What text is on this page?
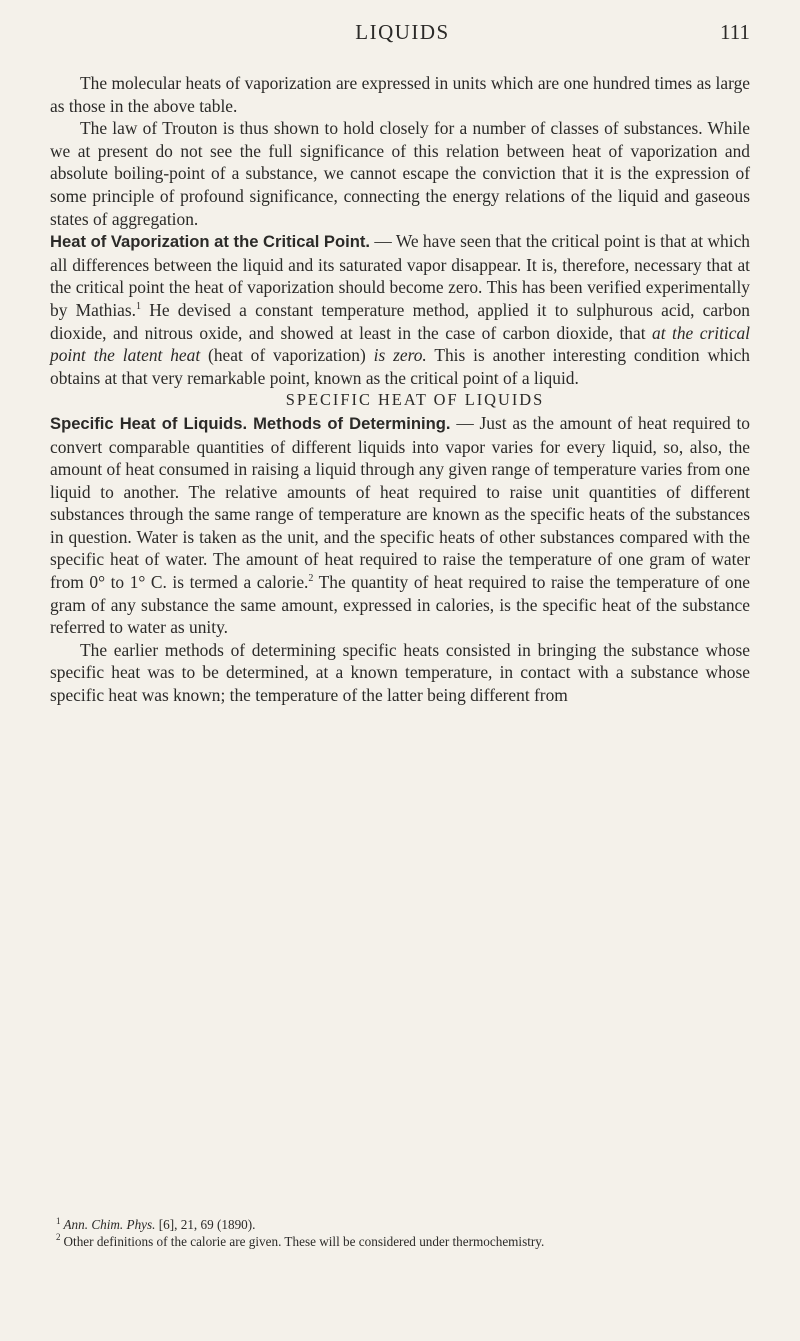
LIQUIDS	111

The molecular heats of vaporization are expressed in units which are one hundred times as large as those in the above table.

The law of Trouton is thus shown to hold closely for a number of classes of substances. While we at present do not see the full significance of this relation between heat of vaporization and absolute boiling-point of a substance, we cannot escape the conviction that it is the expression of some principle of profound significance, connecting the energy relations of the liquid and gaseous states of aggregation.

Heat of Vaporization at the Critical Point. — We have seen that the critical point is that at which all differences between the liquid and its saturated vapor disappear. It is, therefore, necessary that at the critical point the heat of vaporization should become zero. This has been verified experimentally by Mathias.$^1$ He devised a constant temperature method, applied it to sulphurous acid, carbon dioxide, and nitrous oxide, and showed at least in the case of carbon dioxide, that at the critical point the latent heat (heat of vaporization) is zero. This is another interesting condition which obtains at that very remarkable point, known as the critical point of a liquid.

SPECIFIC HEAT OF LIQUIDS

Specific Heat of Liquids. Methods of Determining. — Just as the amount of heat required to convert comparable quantities of different liquids into vapor varies for every liquid, so, also, the amount of heat consumed in raising a liquid through any given range of temperature varies from one liquid to another. The relative amounts of heat required to raise unit quantities of different substances through the same range of temperature are known as the specific heats of the substances in question. Water is taken as the unit, and the specific heats of other substances compared with the specific heat of water. The amount of heat required to raise the temperature of one gram of water from 0° to 1° C. is termed a calorie.$^2$ The quantity of heat required to raise the temperature of one gram of any substance the same amount, expressed in calories, is the specific heat of the substance referred to water as unity.

The earlier methods of determining specific heats consisted in bringing the substance whose specific heat was to be determined, at a known temperature, in contact with a substance whose specific heat was known; the temperature of the latter being different from

$^1$ Ann. Chim. Phys. [6], 21, 69 (1890).

$^2$ Other definitions of the calorie are given. These will be considered under thermochemistry.
